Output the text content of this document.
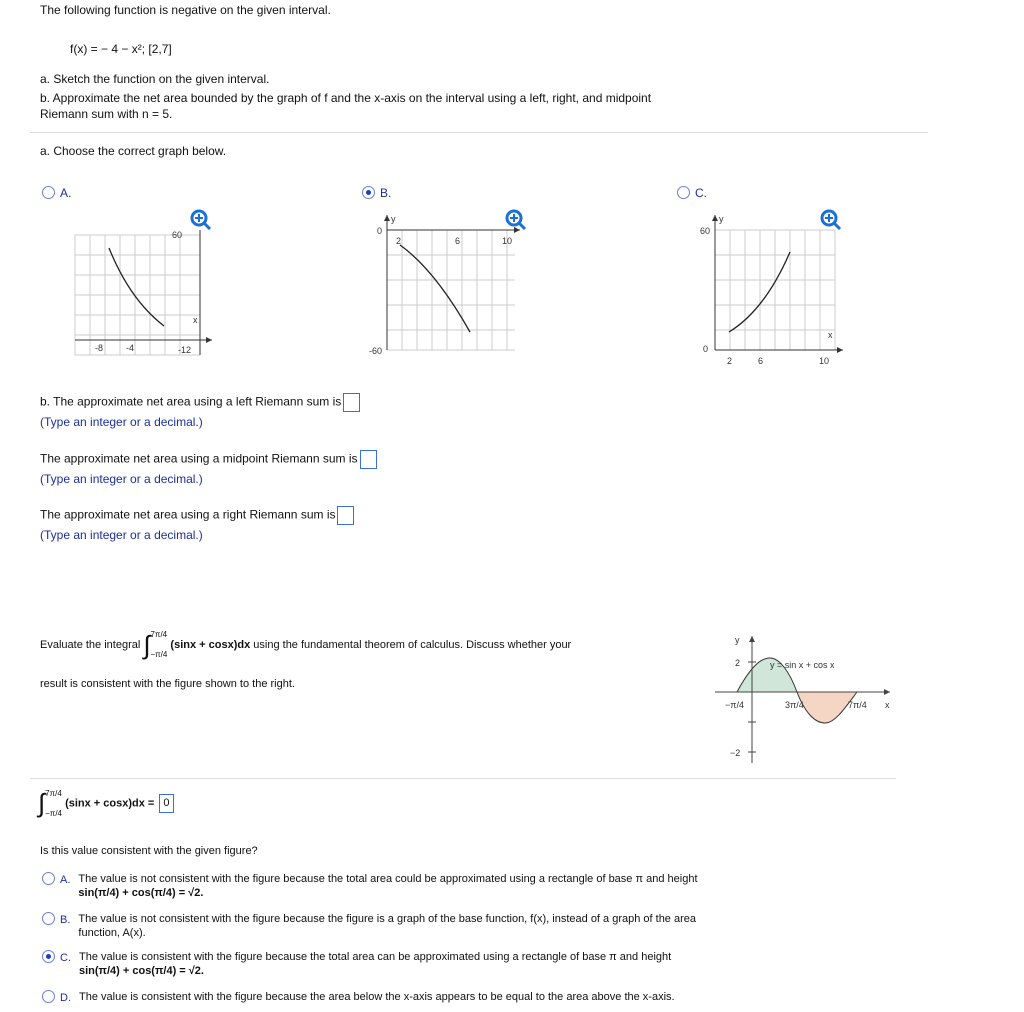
The following function is negative on the given interval.
f(x) = − 4 − x²; [2,7]
a. Sketch the function on the given interval.
b. Approximate the net area bounded by the graph of f and the x-axis on the interval using a left, right, and midpoint Riemann sum with n = 5.
a. Choose the correct graph below.
A.
60
-8	-4	-12
x
B.
0
2	6	10
-60
y
C.
60
0
2	6	10
x
y
b. The approximate net area using a left Riemann sum is
(Type an integer or a decimal.)
The approximate net area using a midpoint Riemann sum is
(Type an integer or a decimal.)
The approximate net area using a right Riemann sum is
(Type an integer or a decimal.)
Evaluate the integral ∫7π/4

−π/4 (sinx + cosx)dx using the fundamental theorem of calculus. Discuss whether your
result is consistent with the figure shown to the right.
y
x
2
−2
−π/4	3π/4	7π/4
y = sin x + cos x
∫7π/4

−π/4 (sinx + cosx)dx = 0
Is this value consistent with the given figure?
A. The value is not consistent with the figure because the total area could be approximated using a rectangle of base π and height
sin(π/4) + cos(π/4) = √2.
B. The value is not consistent with the figure because the figure is a graph of the base function, f(x), instead of a graph of the area
function, A(x).
C. The value is consistent with the figure because the total area can be approximated using a rectangle of base π and height
sin(π/4) + cos(π/4) = √2.
D. The value is consistent with the figure because the area below the x-axis appears to be equal to the area above the x-axis.
